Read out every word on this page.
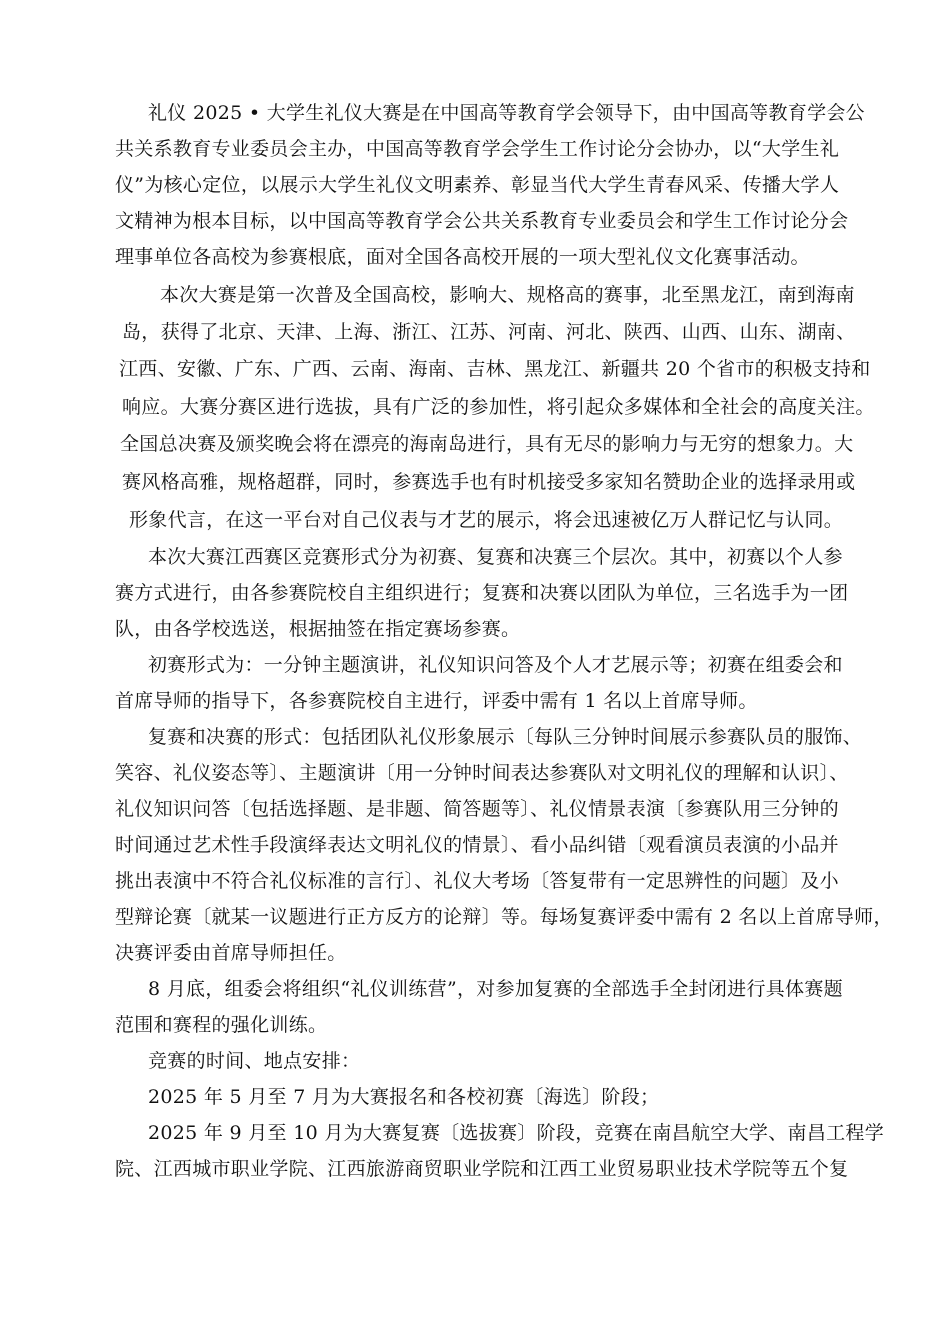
礼仪 2025 • 大学生礼仪大赛是在中国高等教育学会领导下，由中国高等教育学会公
共关系教育专业委员会主办，中国高等教育学会学生工作讨论分会协办，以“大学生礼
仪”为核心定位，以展示大学生礼仪文明素养、彰显当代大学生青春风采、传播大学人
文精神为根本目标，以中国高等教育学会公共关系教育专业委员会和学生工作讨论分会
理事单位各高校为参赛根底，面对全国各高校开展的一项大型礼仪文化赛事活动。
本次大赛是第一次普及全国高校，影响大、规格高的赛事，北至黑龙江，南到海南
岛，获得了北京、天津、上海、浙江、江苏、河南、河北、陕西、山西、山东、湖南、
江西、安徽、广东、广西、云南、海南、吉林、黑龙江、新疆共 20 个省市的积极支持和
响应。大赛分赛区进行选拔，具有广泛的参加性，将引起众多媒体和全社会的高度关注。
全国总决赛及颁奖晚会将在漂亮的海南岛进行，具有无尽的影响力与无穷的想象力。大
赛风格高雅，规格超群，同时，参赛选手也有时机接受多家知名赞助企业的选择录用或
形象代言，在这一平台对自己仪表与才艺的展示，将会迅速被亿万人群记忆与认同。
本次大赛江西赛区竞赛形式分为初赛、复赛和决赛三个层次。其中，初赛以个人参
赛方式进行，由各参赛院校自主组织进行；复赛和决赛以团队为单位，三名选手为一团
队，由各学校选送，根据抽签在指定赛场参赛。
初赛形式为：一分钟主题演讲，礼仪知识问答及个人才艺展示等；初赛在组委会和
首席导师的指导下，各参赛院校自主进行，评委中需有 1 名以上首席导师。
复赛和决赛的形式：包括团队礼仪形象展示〔每队三分钟时间展示参赛队员的服饰、
笑容、礼仪姿态等〕、主题演讲〔用一分钟时间表达参赛队对文明礼仪的理解和认识〕、
礼仪知识问答〔包括选择题、是非题、简答题等〕、礼仪情景表演〔参赛队用三分钟的
时间通过艺术性手段演绎表达文明礼仪的情景〕、看小品纠错〔观看演员表演的小品并
挑出表演中不符合礼仪标准的言行〕、礼仪大考场〔答复带有一定思辨性的问题〕及小
型辩论赛〔就某一议题进行正方反方的论辩〕等。每场复赛评委中需有 2 名以上首席导师，
决赛评委由首席导师担任。
8 月底，组委会将组织“礼仪训练营”，对参加复赛的全部选手全封闭进行具体赛题
范围和赛程的强化训练。
竞赛的时间、地点安排：
2025 年 5 月至 7 月为大赛报名和各校初赛〔海选〕阶段；
2025 年 9 月至 10 月为大赛复赛〔选拔赛〕阶段，竞赛在南昌航空大学、南昌工程学
院、江西城市职业学院、江西旅游商贸职业学院和江西工业贸易职业技术学院等五个复
